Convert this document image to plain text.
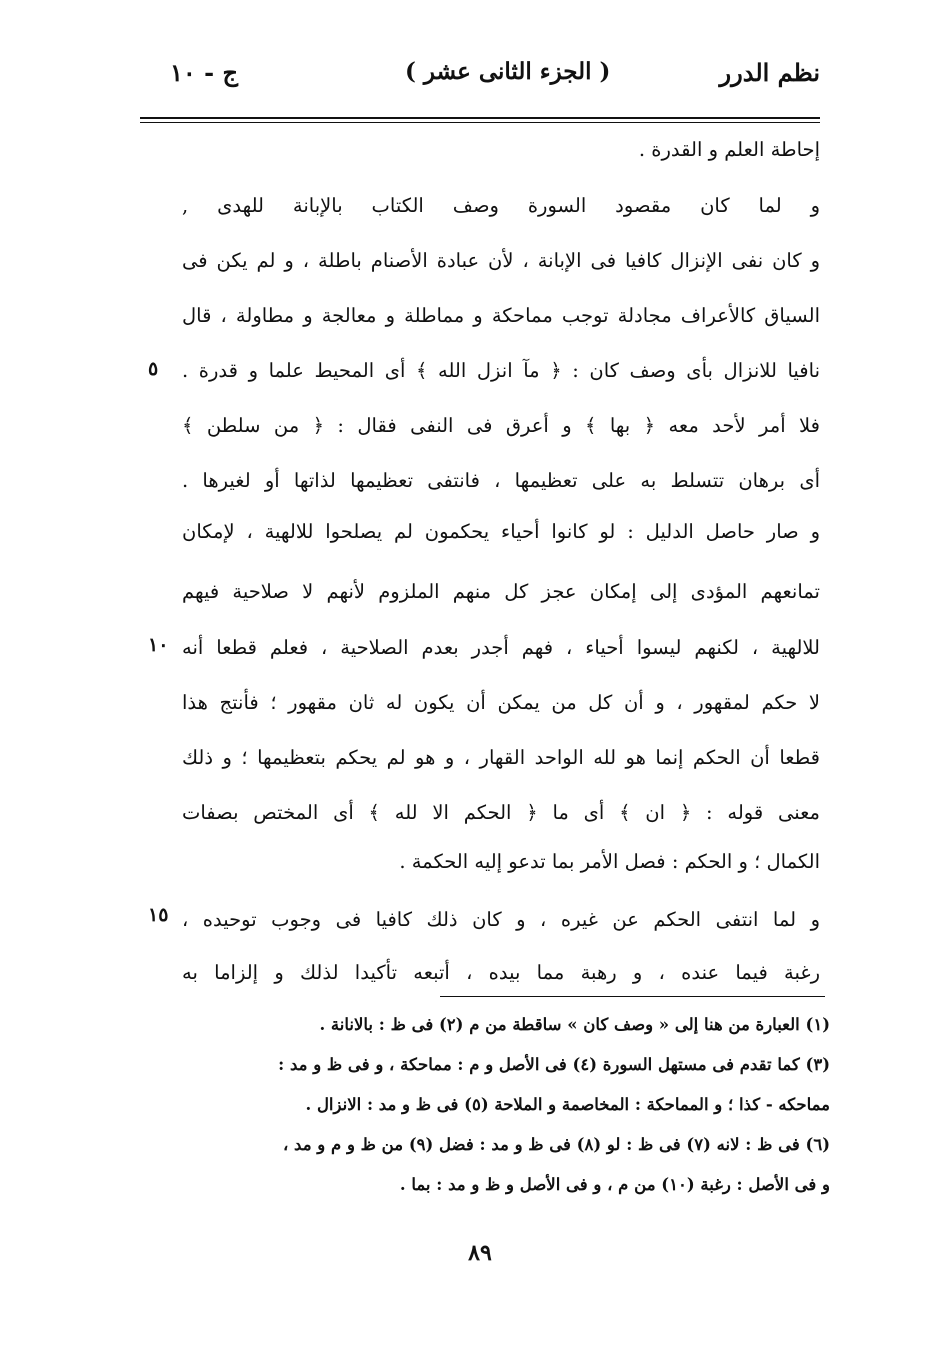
نظم الدرر
( الجزء الثانى عشر )
ج - ١٠
إحاطة العلم و القدرة .
و لما كان مقصود السورة وصف الكتاب بالإبانة للهدى ,
و كان نفى الإنزال كافيا فى الإبانة ، لأن عبادة الأصنام باطلة ، و لم يكن فى
السياق كالأعراف مجادلة توجب مماحكة و مماطلة و معالجة و مطاولة ، قال
نافيا للانزال بأى وصف كان : ﴿ مآ انزل الله ﴾ أى المحيط علما و قدرة .
فلا أمر لأحد معه ﴿ بها ﴾ و أعرق فى النفى فقال : ﴿ من سلطن ﴾
أى برهان تتسلط به على تعظيمها ، فانتفى تعظيمها لذاتها أو لغيرها .
و صار حاصل الدليل : لو كانوا أحياء يحكمون لم يصلحوا للالهية ، لإمكان
تمانعهم المؤدى إلى إمكان عجز كل منهم الملزوم لأنهم لا صلاحية فيهم
للالهية ، لكنهم ليسوا أحياء ، فهم أجدر بعدم الصلاحية ، فعلم قطعا أنه
لا حكم لمقهور ، و أن كل من يمكن أن يكون له ثان مقهور ؛ فأنتج هذا
قطعا أن الحكم إنما هو لله الواحد القهار ، و هو لم يحكم بتعظيمها ؛ و ذلك
معنى قوله : ﴿ ان ﴾ أى ما ﴿ الحكم الا لله ﴾ أى المختص بصفات
الكمال ؛ و الحكم : فصل الأمر بما تدعو إليه الحكمة .
و لما انتفى الحكم عن غيره ، و كان ذلك كافيا فى وجوب توحيده ،
رغبة فيما عنده ، و رهبة مما بيده ، أتبعه تأكيدا لذلك و إلزاما به
٥
١٠
١٥
(١) العبارة من هنا إلى « وصف كان » ساقطة من م (٢) فى ظ : بالانانة .
(٣) كما تقدم فى مستهل السورة (٤) فى الأصل و م : مماحكة ، و فى ظ و مد :
مماحكه - كذا ؛ و المماحكة : المخاصمة و الملاحة (٥) فى ظ و مد : الانزال .
(٦) فى ظ : لانه (٧) فى ظ : لو (٨) فى ظ و مد : فضل (٩) من ظ و م و مد ،
و فى الأصل : رغبة (١٠) من م ، و فى الأصل و ظ و مد : بما .
٨٩
